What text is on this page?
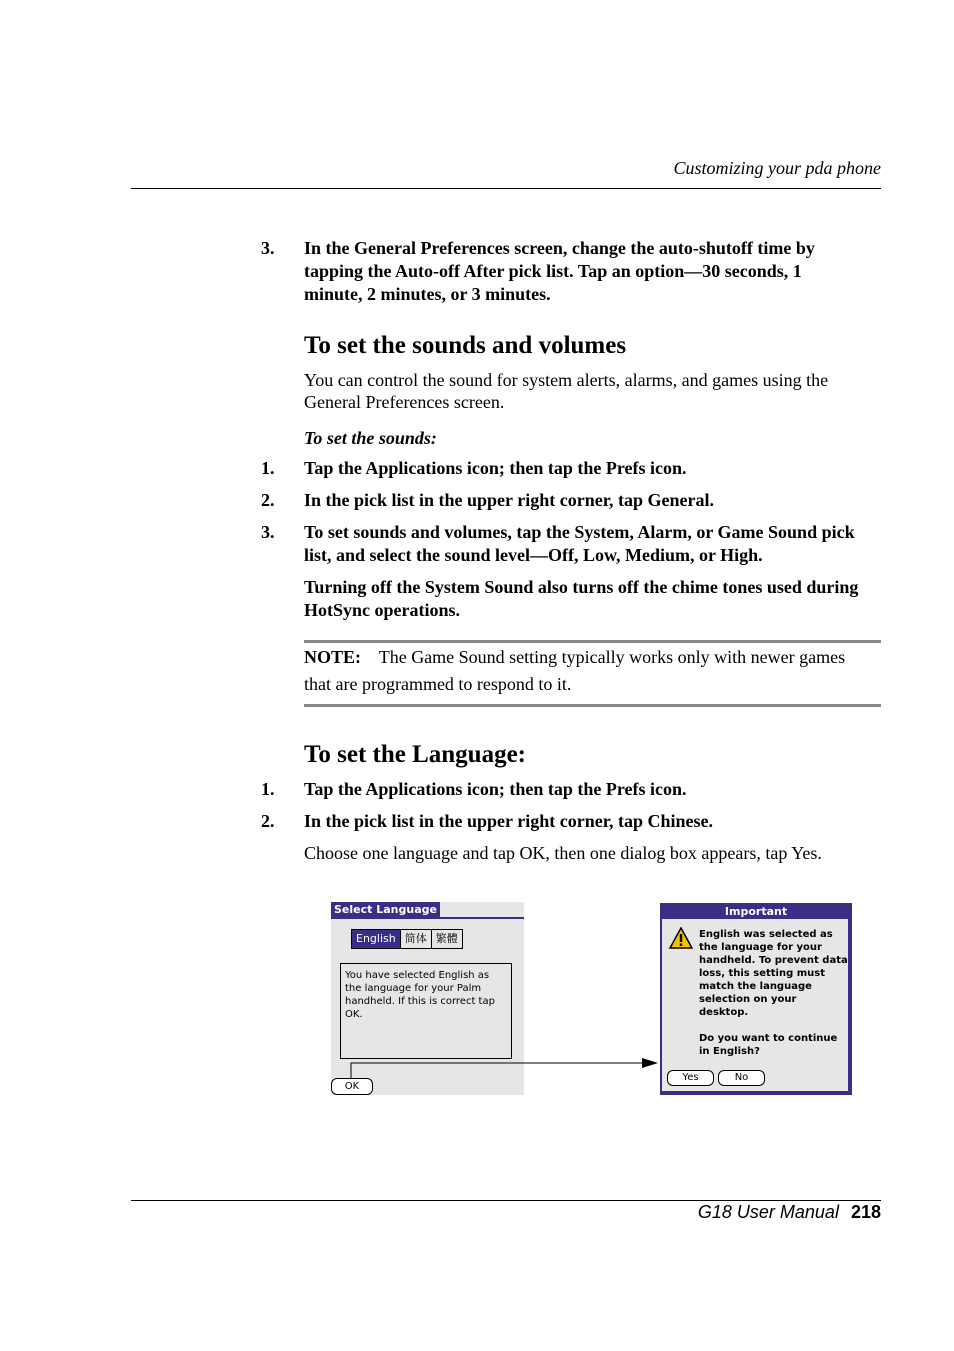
Customizing your pda phone
3. In the General Preferences screen, change the auto-shutoff time by tapping the Auto-off After pick list. Tap an option—30 seconds, 1 minute, 2 minutes, or 3 minutes.
To set the sounds and volumes
You can control the sound for system alerts, alarms, and games using the General Preferences screen.
To set the sounds:
1. Tap the Applications icon; then tap the Prefs icon.
2. In the pick list in the upper right corner, tap General.
3. To set sounds and volumes, tap the System, Alarm, or Game Sound pick list, and select the sound level—Off, Low, Medium, or High.
Turning off the System Sound also turns off the chime tones used during HotSync operations.
NOTE: The Game Sound setting typically works only with newer games that are programmed to respond to it.
To set the Language:
1. Tap the Applications icon; then tap the Prefs icon.
2. In the pick list in the upper right corner, tap Chinese.
Choose one language and tap OK, then one dialog box appears, tap Yes.
Select Language
English 简体 繁體
You have selected English as the language for your Palm handheld. If this is correct tap OK.
OK
Important
English was selected as the language for your handheld. To prevent data loss, this setting must match the language selection on your desktop.
Do you want to continue in English?
Yes	No
G18 User Manual 218
